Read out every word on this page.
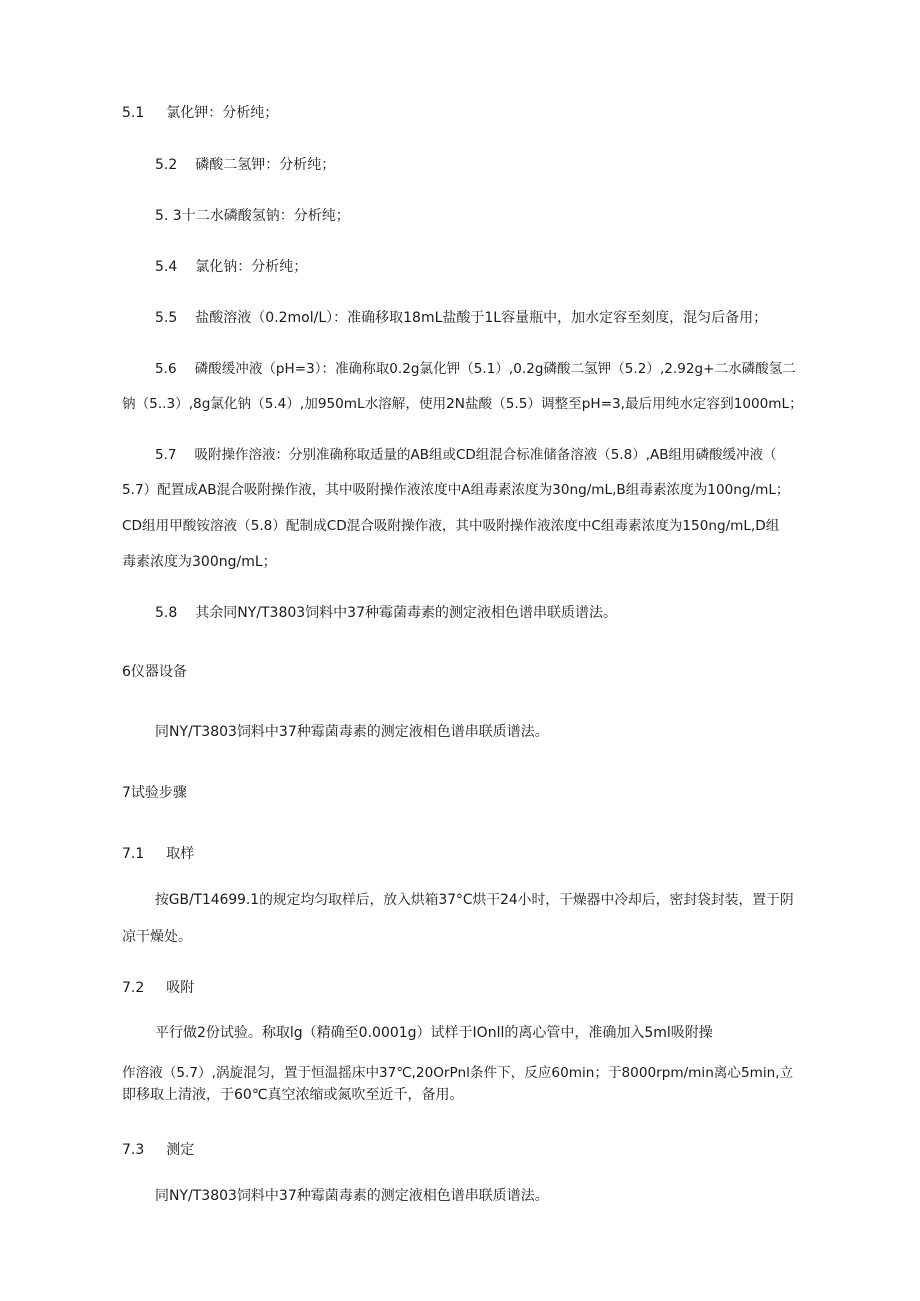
5.1 氯化钾：分析纯；

5.2 磷酸二氢钾：分析纯；

5. 3十二水磷酸氢钠：分析纯；

5.4 氯化钠：分析纯；

5.5 盐酸溶液（0.2mol/L）：准确移取18mL盐酸于1L容量瓶中，加水定容至刻度，混匀后备用；

5.6 磷酸缓冲液（pH=3）：准确称取0.2g氯化钾（5.1）,0.2g磷酸二氢钾（5.2）,2.92g+二水磷酸氢二

钠（5..3）,8g氯化钠（5.4）,加950mL水溶解，使用2N盐酸（5.5）调整至pH=3,最后用纯水定容到1000mL；

5.7 吸附操作溶液：分别准确称取适量的AB组或CD组混合标准储备溶液（5.8）,AB组用磷酸缓冲液（

5.7）配置成AB混合吸附操作液，其中吸附操作液浓度中A组毒素浓度为30ng∕mL,B组毒素浓度为100ng/mL；

CD组用甲酸铵溶液（5.8）配制成CD混合吸附操作液，其中吸附操作液浓度中C组毒素浓度为150ng/mL,D组

毒素浓度为300ng/mL；

5.8 其余同NY/T3803饲料中37种霉菌毒素的测定液相色谱串联质谱法。

6仪器设备

同NY/T3803饲料中37种霉菌毒素的测定液相色谱串联质谱法。

7试验步骤

7.1 取样

按GB/T14699.1的规定均匀取样后，放入烘箱37°C烘干24小时，干燥器中冷却后，密封袋封装，置于阴

凉干燥处。

7.2 吸附

平行做2份试验。称取lg（精确至0.0001g）试样于IOnll的离心管中，准确加入5ml吸附操

作溶液（5.7）,涡旋混匀，置于恒温摇床中37℃,20OrPnl条件下，反应60min；于8000rpm/min离心5min,立

即移取上清液，于60℃真空浓缩或氮吹至近千，备用。

7.3 测定

同NY/T3803饲料中37种霉菌毒素的测定液相色谱串联质谱法。
